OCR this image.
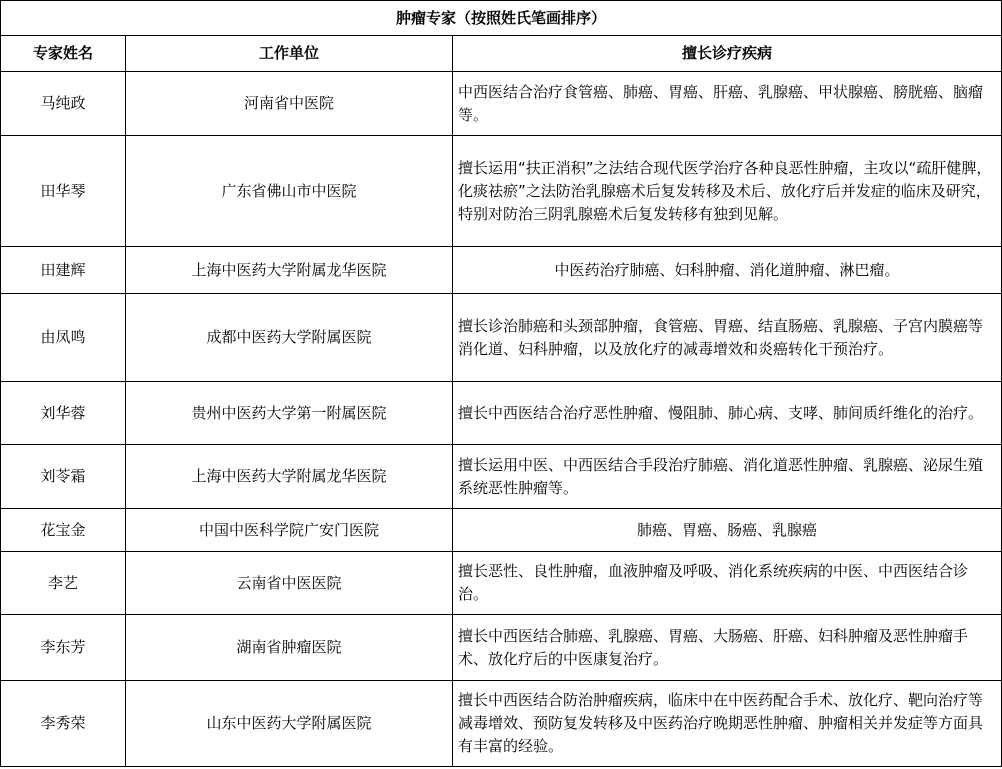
肿瘤专家（按照姓氏笔画排序）		
专家姓名	工作单位	擅长诊疗疾病
马纯政	河南省中医院	中西医结合治疗食管癌、肺癌、胃癌、肝癌、乳腺癌、甲状腺癌、膀胱癌、脑瘤等。
田华琴	广东省佛山市中医院	擅长运用“扶正消积”之法结合现代医学治疗各种良恶性肿瘤，主攻以“疏肝健脾，化痰祛瘀”之法防治乳腺癌术后复发转移及术后、放化疗后并发症的临床及研究，特别对防治三阴乳腺癌术后复发转移有独到见解。
田建辉	上海中医药大学附属龙华医院	中医药治疗肺癌、妇科肿瘤、消化道肿瘤、淋巴瘤。
由凤鸣	成都中医药大学附属医院	擅长诊治肺癌和头颈部肿瘤，食管癌、胃癌、结直肠癌、乳腺癌、子宫内膜癌等消化道、妇科肿瘤，以及放化疗的减毒增效和炎癌转化干预治疗。
刘华蓉	贵州中医药大学第一附属医院	擅长中西医结合治疗恶性肿瘤、慢阻肺、肺心病、支哮、肺间质纤维化的治疗。
刘苓霜	上海中医药大学附属龙华医院	擅长运用中医、中西医结合手段治疗肺癌、消化道恶性肿瘤、乳腺癌、泌尿生殖系统恶性肿瘤等。
花宝金	中国中医科学院广安门医院	肺癌、胃癌、肠癌、乳腺癌
李艺	云南省中医医院	擅长恶性、良性肿瘤，血液肿瘤及呼吸、消化系统疾病的中医、中西医结合诊治。
李东芳	湖南省肿瘤医院	擅长中西医结合肺癌、乳腺癌、胃癌、大肠癌、肝癌、妇科肿瘤及恶性肿瘤手术、放化疗后的中医康复治疗。
李秀荣	山东中医药大学附属医院	擅长中西医结合防治肿瘤疾病，临床中在中医药配合手术、放化疗、靶向治疗等减毒增效、预防复发转移及中医药治疗晚期恶性肿瘤、肿瘤相关并发症等方面具有丰富的经验。
